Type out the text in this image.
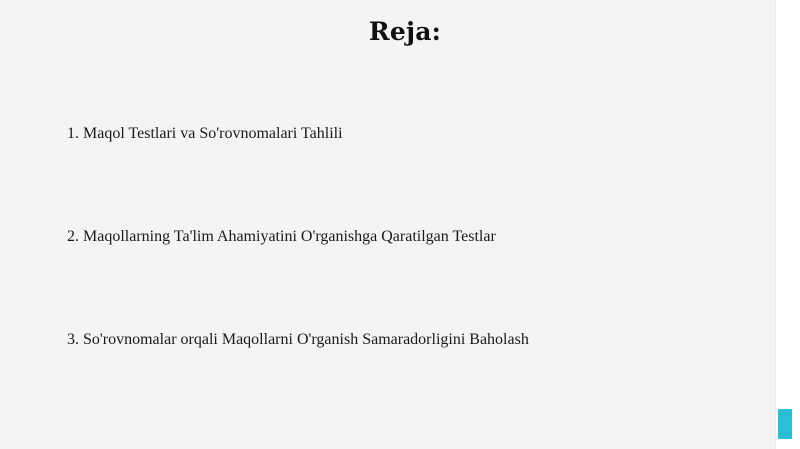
Reja:

1. Maqol Testlari va So'rovnomalari Tahlili

2. Maqollarning Ta'lim Ahamiyatini O'rganishga Qaratilgan Testlar

3. So'rovnomalar orqali Maqollarni O'rganish Samaradorligini Baholash
